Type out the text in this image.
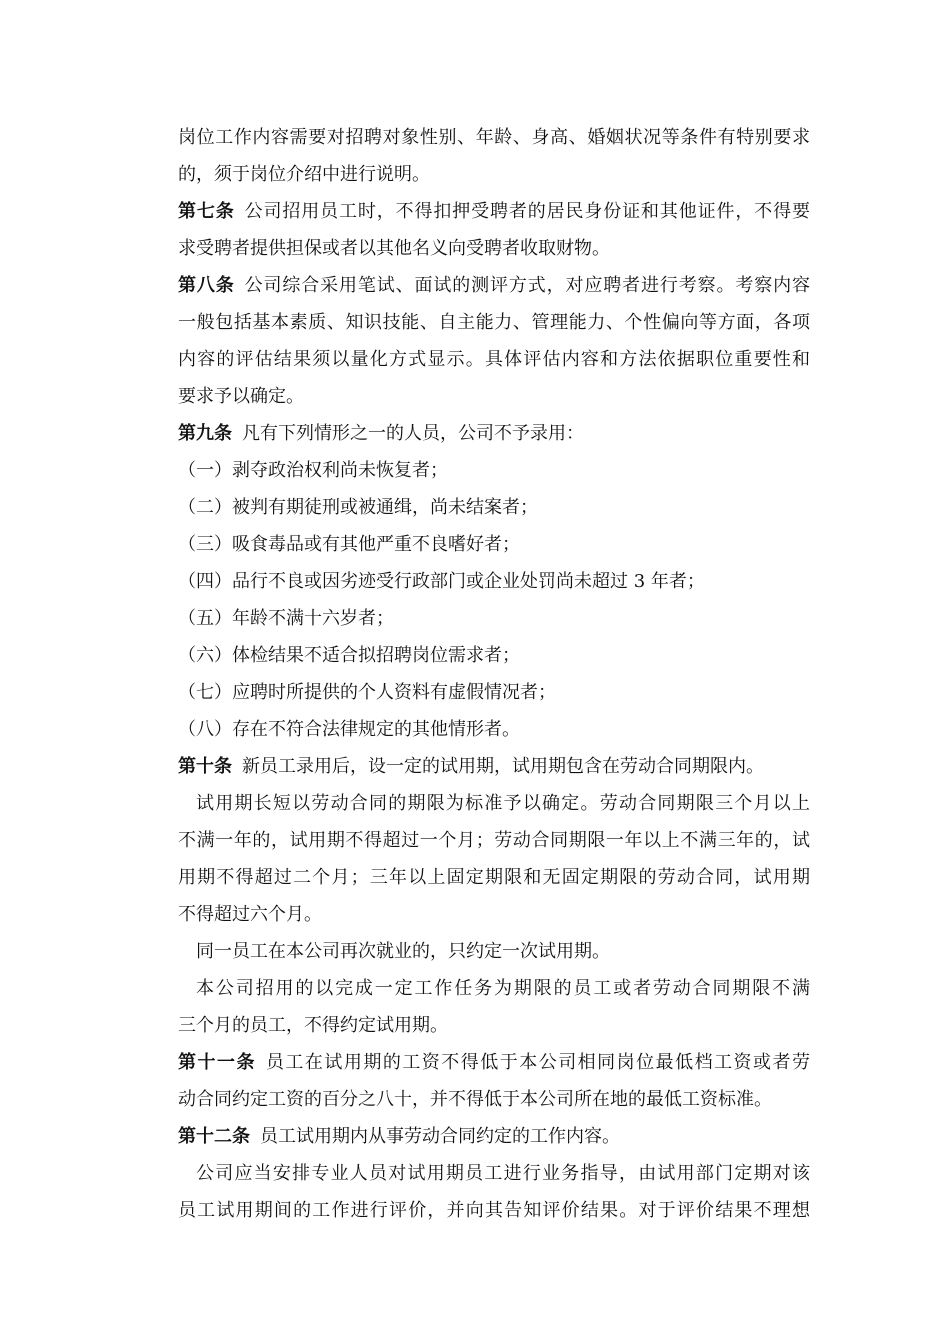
岗位工作内容需要对招聘对象性别、年龄、身高、婚姻状况等条件有特别要求
的，须于岗位介绍中进行说明。
第七条 公司招用员工时，不得扣押受聘者的居民身份证和其他证件，不得要
求受聘者提供担保或者以其他名义向受聘者收取财物。
第八条 公司综合采用笔试、面试的测评方式，对应聘者进行考察。考察内容
一般包括基本素质、知识技能、自主能力、管理能力、个性偏向等方面，各项
内容的评估结果须以量化方式显示。具体评估内容和方法依据职位重要性和
要求予以确定。
第九条 凡有下列情形之一的人员，公司不予录用：
（一）剥夺政治权利尚未恢复者；
（二）被判有期徒刑或被通缉，尚未结案者；
（三）吸食毒品或有其他严重不良嗜好者；
（四）品行不良或因劣迹受行政部门或企业处罚尚未超过 3 年者；
（五）年龄不满十六岁者；
（六）体检结果不适合拟招聘岗位需求者；
（七）应聘时所提供的个人资料有虚假情况者；
（八）存在不符合法律规定的其他情形者。
第十条 新员工录用后，设一定的试用期，试用期包含在劳动合同期限内。
试用期长短以劳动合同的期限为标准予以确定。劳动合同期限三个月以上
不满一年的，试用期不得超过一个月；劳动合同期限一年以上不满三年的，试
用期不得超过二个月；三年以上固定期限和无固定期限的劳动合同，试用期
不得超过六个月。
同一员工在本公司再次就业的，只约定一次试用期。
本公司招用的以完成一定工作任务为期限的员工或者劳动合同期限不满
三个月的员工，不得约定试用期。
第十一条 员工在试用期的工资不得低于本公司相同岗位最低档工资或者劳
动合同约定工资的百分之八十，并不得低于本公司所在地的最低工资标准。
第十二条 员工试用期内从事劳动合同约定的工作内容。
公司应当安排专业人员对试用期员工进行业务指导，由试用部门定期对该
员工试用期间的工作进行评价，并向其告知评价结果。对于评价结果不理想
